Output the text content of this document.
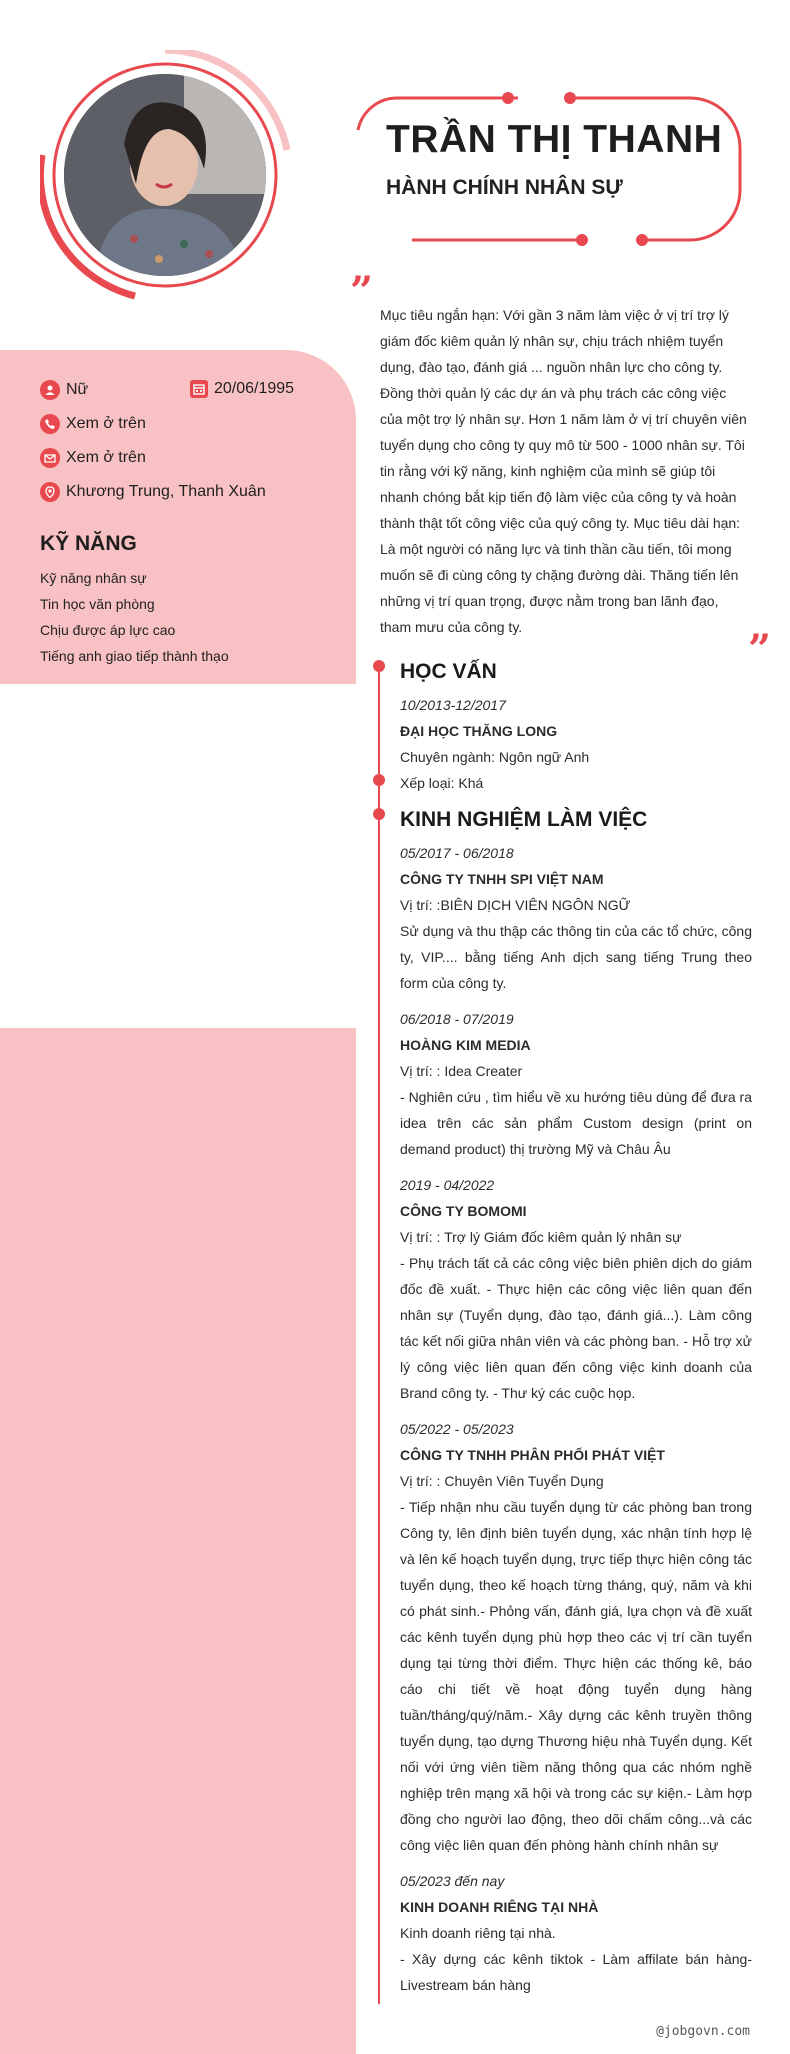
TRẦN THỊ THANH
HÀNH CHÍNH NHÂN SỰ
” Mục tiêu ngắn hạn: Với gần 3 năm làm việc ở vị trí trợ lý giám đốc kiêm quản lý nhân sự, chịu trách nhiệm tuyển dụng, đào tạo, đánh giá ... nguồn nhân lực cho công ty. Đồng thời quản lý các dự án và phụ trách các công việc của một trợ lý nhân sự. Hơn 1 năm làm ở vị trí chuyên viên tuyển dụng cho công ty quy mô từ 500 - 1000 nhân sự. Tôi tin rằng với kỹ năng, kinh nghiệm của mình sẽ giúp tôi nhanh chóng bắt kịp tiến độ làm việc của công ty và hoàn thành thật tốt công việc của quý công ty. Mục tiêu dài hạn: Là một người có năng lực và tinh thần cầu tiến, tôi mong muốn sẽ đi cùng công ty chặng đường dài. Thăng tiến lên những vị trí quan trọng, được nằm trong ban lãnh đạo, tham mưu của công ty.	”
Nữ	20/06/1995
Xem ở trên
Xem ở trên
Khương Trung, Thanh Xuân
KỸ NĂNG
Kỹ năng nhân sự
Tin học văn phòng
Chịu được áp lực cao
Tiếng anh giao tiếp thành thạo
HỌC VẤN
10/2013-12/2017
ĐẠI HỌC THĂNG LONG
Chuyên ngành: Ngôn ngữ Anh
Xếp loại: Khá
KINH NGHIỆM LÀM VIỆC
05/2017 - 06/2018
CÔNG TY TNHH SPI VIỆT NAM
Vị trí: :BIÊN DỊCH VIÊN NGÔN NGỮ
Sử dụng và thu thập các thông tin của các tổ chức, công ty, VIP.... bằng tiếng Anh dịch sang tiếng Trung theo form của công ty.
06/2018 - 07/2019
HOÀNG KIM MEDIA
Vị trí: : Idea Creater
- Nghiên cứu , tìm hiểu về xu hướng tiêu dùng để đưa ra idea trên các sản phẩm Custom design (print on demand product) thị trường Mỹ và Châu Âu
2019 - 04/2022
CÔNG TY BOMOMI
Vị trí: : Trợ lý Giám đốc kiêm quản lý nhân sự
- Phụ trách tất cả các công việc biên phiên dịch do giám đốc đề xuất. - Thực hiện các công việc liên quan đến nhân sự (Tuyển dụng, đào tạo, đánh giá...). Làm công tác kết nối giữa nhân viên và các phòng ban. - Hỗ trợ xử lý công việc liên quan đến công việc kinh doanh của Brand công ty. - Thư ký các cuộc họp.
05/2022 - 05/2023
CÔNG TY TNHH PHÂN PHỐI PHÁT VIỆT
Vị trí: : Chuyên Viên Tuyển Dụng
- Tiếp nhận nhu cầu tuyển dụng từ các phòng ban trong Công ty, lên định biên tuyển dụng, xác nhận tính hợp lệ và lên kế hoạch tuyển dụng, trực tiếp thực hiện công tác tuyển dụng, theo kế hoạch từng tháng, quý, năm và khi có phát sinh.- Phỏng vấn, đánh giá, lựa chọn và đề xuất các kênh tuyển dụng phù hợp theo các vị trí cần tuyển dụng tại từng thời điểm. Thực hiện các thống kê, báo cáo chi tiết về hoạt động tuyển dụng hàng tuần/tháng/quý/năm.- Xây dựng các kênh truyền thông tuyển dụng, tạo dựng Thương hiệu nhà Tuyển dụng. Kết nối với ứng viên tiềm năng thông qua các nhóm nghề nghiệp trên mạng xã hội và trong các sự kiện.- Làm hợp đồng cho người lao động, theo dõi chấm công...và các công việc liên quan đến phòng hành chính nhân sự
05/2023 đến nay
KINH DOANH RIÊNG TẠI NHÀ
Kinh doanh riêng tại nhà.
- Xây dựng các kênh tiktok - Làm affilate bán hàng- Livestream bán hàng
@jobgovn.com
